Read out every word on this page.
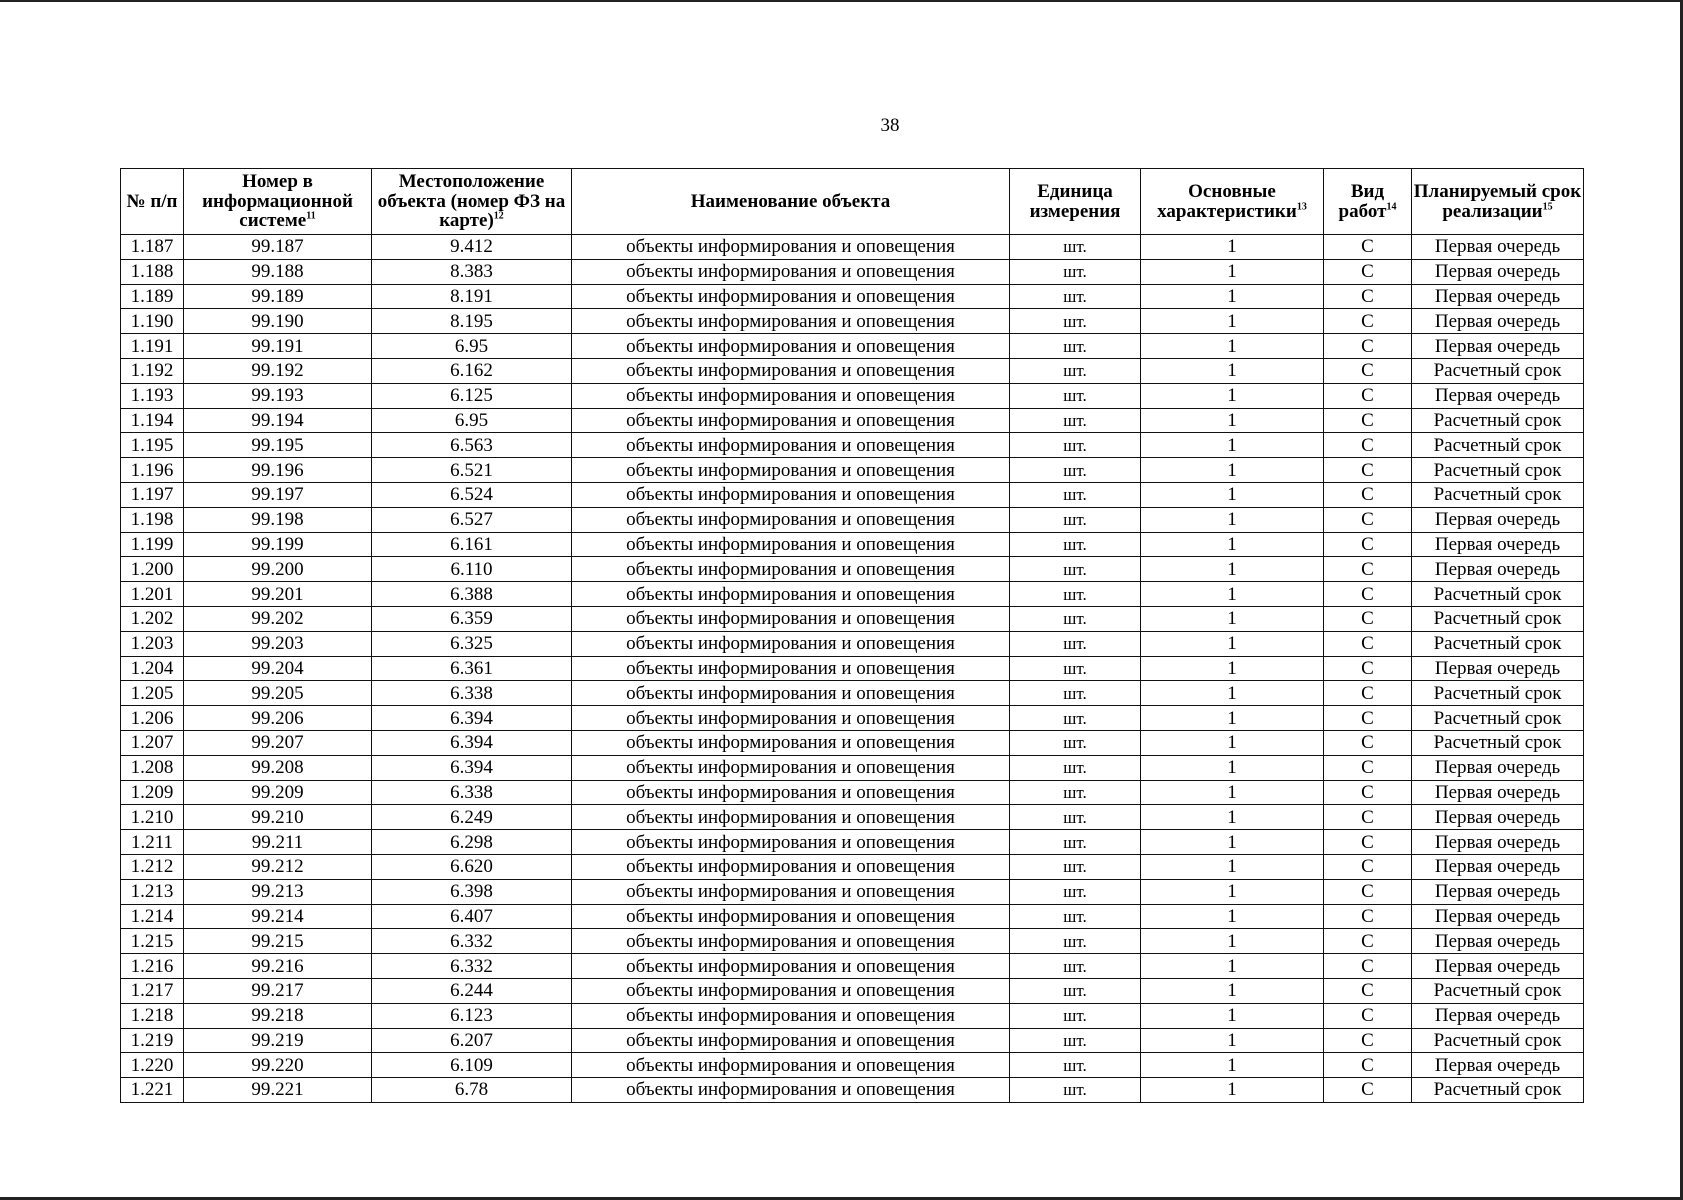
38
№ п/п	Номер в информационной системе$^{11}$	Местоположение объекта (номер ФЗ на карте)$^{12}$	Наименование объекта	Единица измерения	Основные характеристики$^{13}$	Вид работ$^{14}$	Планируемый срок реализации$^{15}$
1.187	99.187	9.412	объекты информирования и оповещения	шт.	1	С	Первая очередь
1.188	99.188	8.383	объекты информирования и оповещения	шт.	1	С	Первая очередь
1.189	99.189	8.191	объекты информирования и оповещения	шт.	1	С	Первая очередь
1.190	99.190	8.195	объекты информирования и оповещения	шт.	1	С	Первая очередь
1.191	99.191	6.95	объекты информирования и оповещения	шт.	1	С	Первая очередь
1.192	99.192	6.162	объекты информирования и оповещения	шт.	1	С	Расчетный срок
1.193	99.193	6.125	объекты информирования и оповещения	шт.	1	С	Первая очередь
1.194	99.194	6.95	объекты информирования и оповещения	шт.	1	С	Расчетный срок
1.195	99.195	6.563	объекты информирования и оповещения	шт.	1	С	Расчетный срок
1.196	99.196	6.521	объекты информирования и оповещения	шт.	1	С	Расчетный срок
1.197	99.197	6.524	объекты информирования и оповещения	шт.	1	С	Расчетный срок
1.198	99.198	6.527	объекты информирования и оповещения	шт.	1	С	Первая очередь
1.199	99.199	6.161	объекты информирования и оповещения	шт.	1	С	Первая очередь
1.200	99.200	6.110	объекты информирования и оповещения	шт.	1	С	Первая очередь
1.201	99.201	6.388	объекты информирования и оповещения	шт.	1	С	Расчетный срок
1.202	99.202	6.359	объекты информирования и оповещения	шт.	1	С	Расчетный срок
1.203	99.203	6.325	объекты информирования и оповещения	шт.	1	С	Расчетный срок
1.204	99.204	6.361	объекты информирования и оповещения	шт.	1	С	Первая очередь
1.205	99.205	6.338	объекты информирования и оповещения	шт.	1	С	Расчетный срок
1.206	99.206	6.394	объекты информирования и оповещения	шт.	1	С	Расчетный срок
1.207	99.207	6.394	объекты информирования и оповещения	шт.	1	С	Расчетный срок
1.208	99.208	6.394	объекты информирования и оповещения	шт.	1	С	Первая очередь
1.209	99.209	6.338	объекты информирования и оповещения	шт.	1	С	Первая очередь
1.210	99.210	6.249	объекты информирования и оповещения	шт.	1	С	Первая очередь
1.211	99.211	6.298	объекты информирования и оповещения	шт.	1	С	Первая очередь
1.212	99.212	6.620	объекты информирования и оповещения	шт.	1	С	Первая очередь
1.213	99.213	6.398	объекты информирования и оповещения	шт.	1	С	Первая очередь
1.214	99.214	6.407	объекты информирования и оповещения	шт.	1	С	Первая очередь
1.215	99.215	6.332	объекты информирования и оповещения	шт.	1	С	Первая очередь
1.216	99.216	6.332	объекты информирования и оповещения	шт.	1	С	Первая очередь
1.217	99.217	6.244	объекты информирования и оповещения	шт.	1	С	Расчетный срок
1.218	99.218	6.123	объекты информирования и оповещения	шт.	1	С	Первая очередь
1.219	99.219	6.207	объекты информирования и оповещения	шт.	1	С	Расчетный срок
1.220	99.220	6.109	объекты информирования и оповещения	шт.	1	С	Первая очередь
1.221	99.221	6.78	объекты информирования и оповещения	шт.	1	С	Расчетный срок
